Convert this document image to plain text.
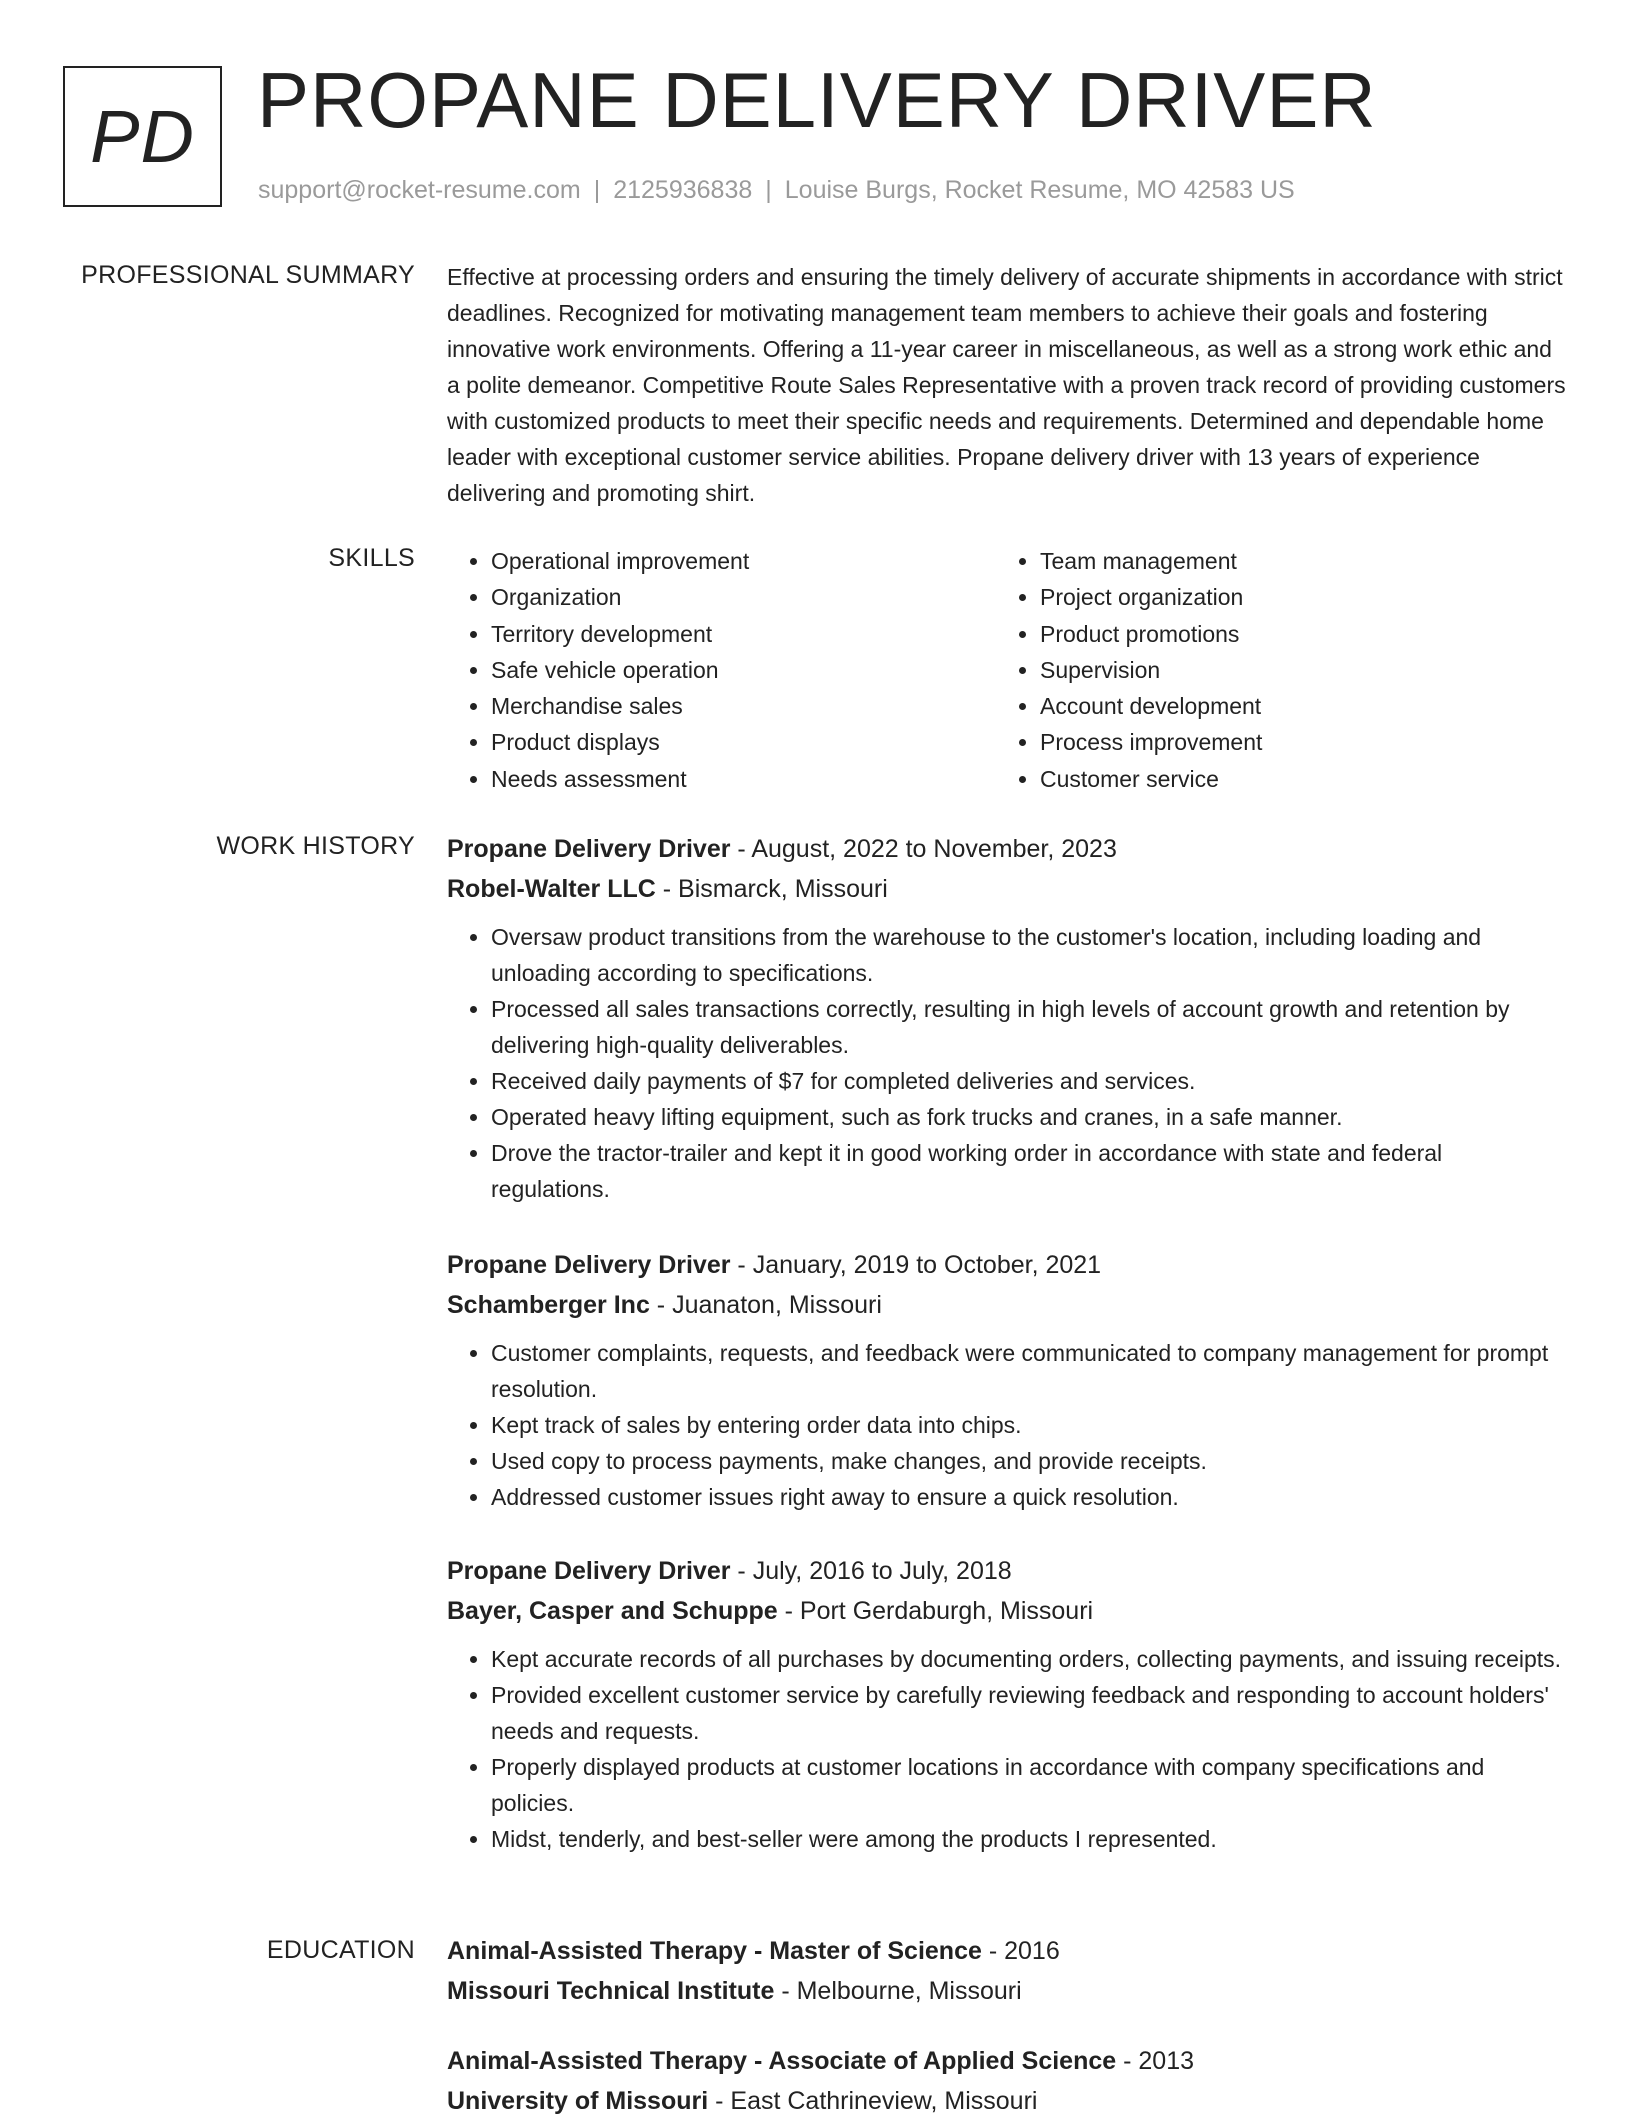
PD PROPANE DELIVERY DRIVER
support@rocket-resume.com | 2125936838 | Louise Burgs, Rocket Resume, MO 42583 US
PROFESSIONAL SUMMARY Effective at processing orders and ensuring the timely delivery of accurate shipments in accordance with strict deadlines. Recognized for motivating management team members to achieve their goals and fostering innovative work environments. Offering a 11-year career in miscellaneous, as well as a strong work ethic and a polite demeanor. Competitive Route Sales Representative with a proven track record of providing customers with customized products to meet their specific needs and requirements. Determined and dependable home leader with exceptional customer service abilities. Propane delivery driver with 13 years of experience delivering and promoting shirt.

SKILLS
•	Operational improvement
• Organization
• Territory development
• Safe vehicle operation
• Merchandise sales
• Product displays
• Needs assessment
• Team management
• Project organization
• Product promotions
• Supervision
• Account development
• Process improvement
• Customer service
WORK HISTORY Propane Delivery Driver - August, 2022 to November, 2023
Robel-Walter LLC - Bismarck, Missouri
• Oversaw product transitions from the warehouse to the customer's location, including loading and unloading according to specifications.
• Processed all sales transactions correctly, resulting in high levels of account growth and retention by delivering high-quality deliverables.
• Received daily payments of $7 for completed deliveries and services.
• Operated heavy lifting equipment, such as fork trucks and cranes, in a safe manner.
• Drove the tractor-trailer and kept it in good working order in accordance with state and federal regulations.
Propane Delivery Driver - January, 2019 to October, 2021
Schamberger Inc - Juanaton, Missouri
• Customer complaints, requests, and feedback were communicated to company management for prompt resolution.
• Kept track of sales by entering order data into chips.
• Used copy to process payments, make changes, and provide receipts.
• Addressed customer issues right away to ensure a quick resolution.
Propane Delivery Driver - July, 2016 to July, 2018
Bayer, Casper and Schuppe - Port Gerdaburgh, Missouri
• Kept accurate records of all purchases by documenting orders, collecting payments, and issuing receipts.
• Provided excellent customer service by carefully reviewing feedback and responding to account holders' needs and requests.
• Properly displayed products at customer locations in accordance with company specifications and policies.
• Midst, tenderly, and best-seller were among the products I represented.
EDUCATION Animal-Assisted Therapy - Master of Science - 2016
Missouri Technical Institute - Melbourne, Missouri
Animal-Assisted Therapy - Associate of Applied Science - 2013
University of Missouri - East Cathrineview, Missouri
